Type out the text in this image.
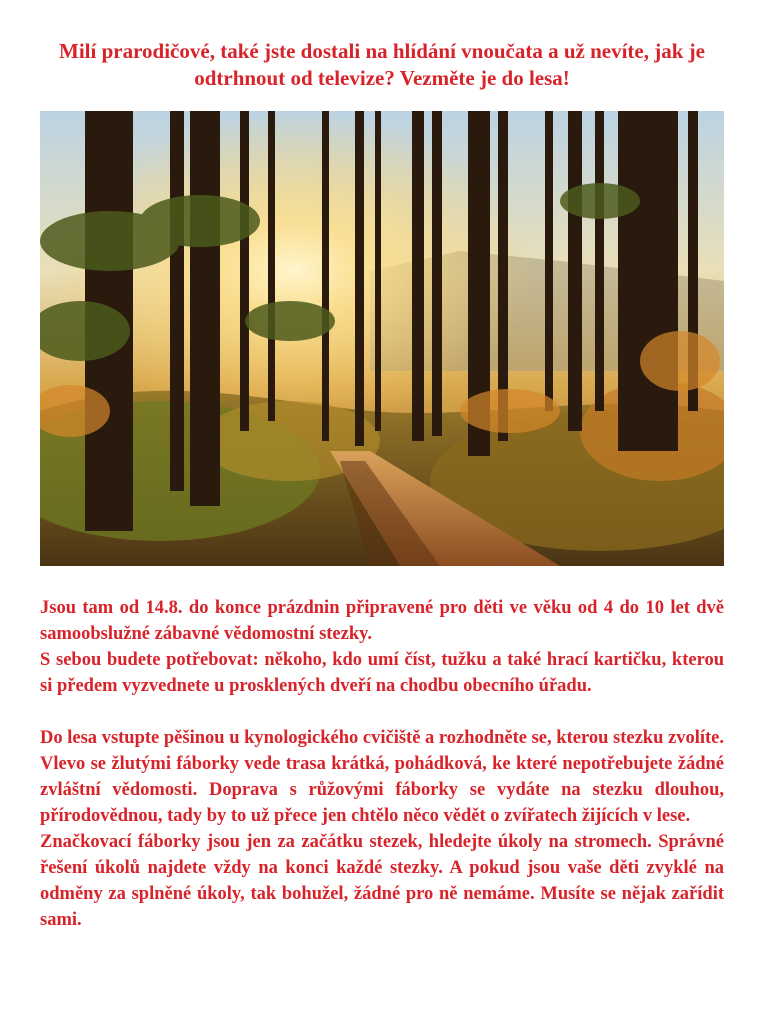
Milí prarodičové, také jste dostali na hlídání vnoučata a už nevíte, jak je odtrhnout od televize? Vezměte je do lesa!

Jsou tam od 14.8. do konce prázdnin připravené pro děti ve věku od 4 do 10 let dvě samoobslužné zábavné vědomostní stezky.

S sebou budete potřebovat: někoho, kdo umí číst, tužku a také hrací kartičku, kterou si předem vyzvednete u prosklených dveří na chodbu obecního úřadu.

Do lesa vstupte pěšinou u kynologického cvičiště a rozhodněte se, kterou stezku zvolíte. Vlevo se žlutými fáborky vede trasa krátká, pohádková, ke které nepotřebujete žádné zvláštní vědomosti. Doprava s růžovými fáborky se vydáte na stezku dlouhou, přírodovědnou, tady by to už přece jen chtělo něco vědět o zvířatech žijících v lese.

Značkovací fáborky jsou jen za začátku stezek, hledejte úkoly na stromech. Správné řešení úkolů najdete vždy na konci každé stezky. A pokud jsou vaše děti zvyklé na odměny za splněné úkoly, tak bohužel, žádné pro ně nemáme. Musíte se nějak zařídit sami.
